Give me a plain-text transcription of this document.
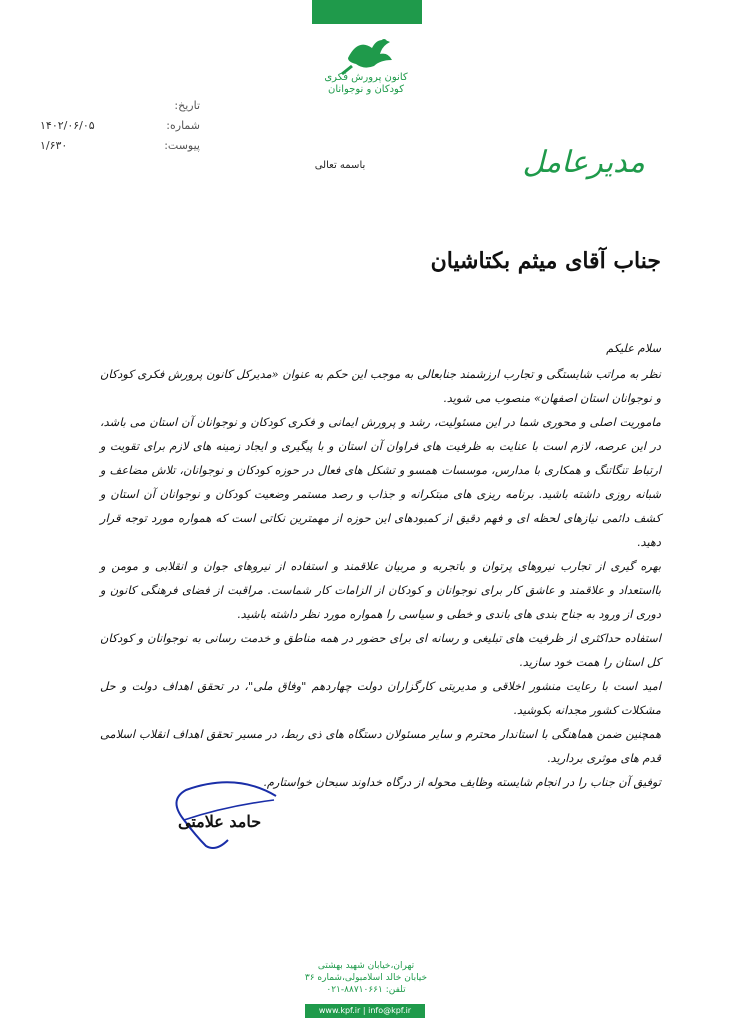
کانون پرورش فکری
کودکان و نوجوانان
تاریخ:
شماره:
۱۴۰۲/۰۶/۰۵
پیوست:
۱/۶۳۰	مدیرعامل
باسمه تعالی
جناب آقای میثم بکتاشیان

سلام علیکم

نظر به مراتب شایستگی و تجارب ارزشمند جنابعالی به موجب این حکم به عنوان «مدیرکل کانون پرورش فکری کودکان و نوجوانان استان اصفهان» منصوب می شوید.

ماموریت اصلی و محوری شما در این مسئولیت، رشد و پرورش ایمانی و فکری کودکان و نوجوانان آن استان می باشد، در این عرصه، لازم است با عنایت به ظرفیت های فراوان آن استان و با پیگیری و ایجاد زمینه های لازم برای تقویت و ارتباط تنگاتنگ و همکاری با مدارس، موسسات همسو و تشکل های فعال در حوزه کودکان و نوجوانان، تلاش مضاعف و شبانه روزی داشته باشید. برنامه ریزی های مبتکرانه و جذاب و رصد مستمر وضعیت کودکان و نوجوانان آن استان و کشف دائمی نیازهای لحظه ای و فهم دقیق از کمبودهای این حوزه از مهمترین نکاتی است که همواره مورد توجه قرار دهید.

بهره گیری از تجارب نیروهای پرتوان و باتجربه و مربیان علاقمند و استفاده از نیروهای جوان و انقلابی و مومن و بااستعداد و علاقمند و عاشق کار برای نوجوانان و کودکان از الزامات کار شماست. مراقبت از فضای فرهنگی کانون و دوری از ورود به جناح بندی های باندی و خطی و سیاسی را همواره مورد نظر داشته باشید.

استفاده حداکثری از ظرفیت های تبلیغی و رسانه ای برای حضور در همه مناطق و خدمت رسانی به نوجوانان و کودکان کل استان را همت خود سازید.

امید است با رعایت منشور اخلاقی و مدیریتی کارگزاران دولت چهاردهم "وفاق ملی"، در تحقق اهداف دولت و حل مشکلات کشور مجدانه بکوشید.

همچنین ضمن هماهنگی با استاندار محترم و سایر مسئولان دستگاه های ذی ربط، در مسیر تحقق اهداف انقلاب اسلامی قدم های موثری بردارید.

توفیق آن جناب را در انجام شایسته وظایف محوله از درگاه خداوند سبحان خواستارم.

حامد علامتی
تهران،خیابان شهید بهشتی
خیابان خالد اسلامبولی،شماره ۳۶
تلفن: ۸۸۷۱۰۶۶۱-۰۲۱
www.kpf.ir | info@kpf.ir
